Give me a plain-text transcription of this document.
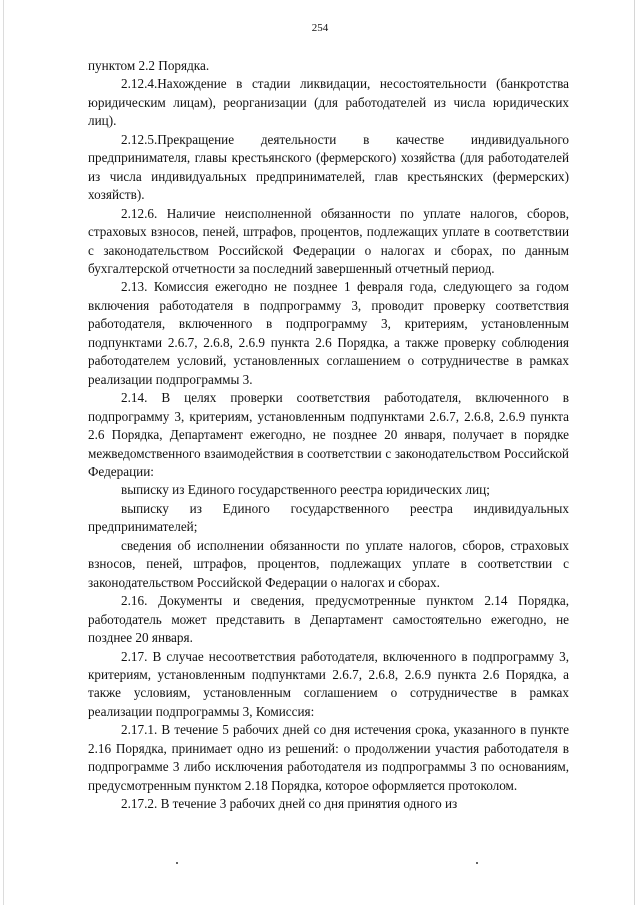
254

пунктом 2.2 Порядка.

2.12.4.Нахождение в стадии ликвидации, несостоятельности (банкротства юридическим лицам), реорганизации (для работодателей из числа юридических лиц).

2.12.5.Прекращение деятельности в качестве индивидуального предпринимателя, главы крестьянского (фермерского) хозяйства (для работодателей из числа индивидуальных предпринимателей, глав крестьянских (фермерских) хозяйств).

2.12.6. Наличие неисполненной обязанности по уплате налогов, сборов, страховых взносов, пеней, штрафов, процентов, подлежащих уплате в соответствии с законодательством Российской Федерации о налогах и сборах, по данным бухгалтерской отчетности за последний завершенный отчетный период.

2.13. Комиссия ежегодно не позднее 1 февраля года, следующего за годом включения работодателя в подпрограмму 3, проводит проверку соответствия работодателя, включенного в подпрограмму 3, критериям, установленным подпунктами 2.6.7, 2.6.8, 2.6.9 пункта 2.6 Порядка, а также проверку соблюдения работодателем условий, установленных соглашением о сотрудничестве в рамках реализации подпрограммы 3.

2.14. В целях проверки соответствия работодателя, включенного в подпрограмму 3, критериям, установленным подпунктами 2.6.7, 2.6.8, 2.6.9 пункта 2.6 Порядка, Департамент ежегодно, не позднее 20 января, получает в порядке межведомственного взаимодействия в соответствии с законодательством Российской Федерации:

выписку из Единого государственного реестра юридических лиц;

выписку из Единого государственного реестра индивидуальных предпринимателей;

сведения об исполнении обязанности по уплате налогов, сборов, страховых взносов, пеней, штрафов, процентов, подлежащих уплате в соответствии с законодательством Российской Федерации о налогах и сборах.

2.16. Документы и сведения, предусмотренные пунктом 2.14 Порядка, работодатель может представить в Департамент самостоятельно ежегодно, не позднее 20 января.

2.17. В случае несоответствия работодателя, включенного в подпрограмму 3, критериям, установленным подпунктами 2.6.7, 2.6.8, 2.6.9 пункта 2.6 Порядка, а также условиям, установленным соглашением о сотрудничестве в рамках реализации подпрограммы 3, Комиссия:

2.17.1. В течение 5 рабочих дней со дня истечения срока, указанного в пункте 2.16 Порядка, принимает одно из решений: о продолжении участия работодателя в подпрограмме 3 либо исключения работодателя из подпрограммы 3 по основаниям, предусмотренным пунктом 2.18 Порядка, которое оформляется протоколом.

2.17.2. В течение 3 рабочих дней со дня принятия одного из
